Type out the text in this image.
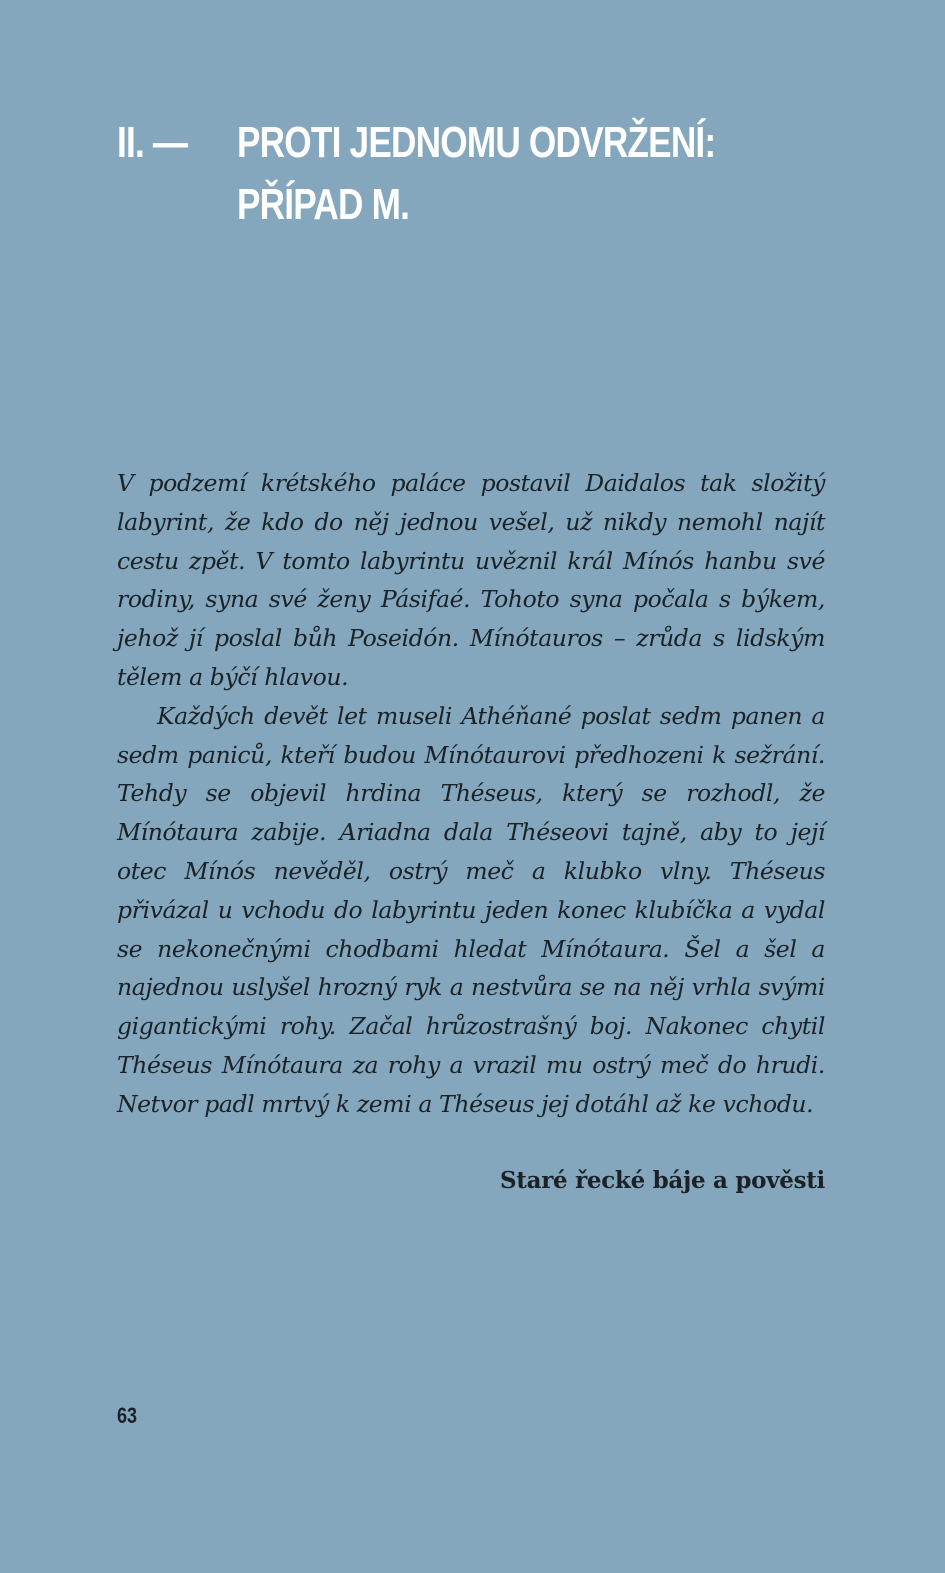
II. —	PROTI JEDNOMU ODVRŽENÍ:
PŘÍPAD M.

V podzemí krétského paláce postavil Daidalos tak složitý labyrint, že kdo do něj jednou vešel, už nikdy nemohl najít cestu zpět. V tomto labyrintu uvěznil král Mínós hanbu své rodiny, syna své ženy Pásifaé. Tohoto syna počala s býkem, jehož jí poslal bůh Poseidón. Mínótauros – zrůda s lidským tělem a býčí hlavou.

Každých devět let museli Athéňané poslat sedm panen a sedm paniců, kteří budou Mínótaurovi předhozeni k sežrání. Tehdy se objevil hrdina Théseus, který se rozhodl, že Mínótaura zabije. Ariadna dala Théseovi tajně, aby to její otec Mínós nevěděl, ostrý meč a klubko vlny. Théseus přivázal u vchodu do labyrintu jeden konec klubíčka a vydal se nekonečnými chodbami hledat Mínótaura. Šel a šel a najednou uslyšel hrozný ryk a nestvůra se na něj vrhla svými gigantickými rohy. Začal hrůzostrašný boj. Nakonec chytil Théseus Mínótaura za rohy a vrazil mu ostrý meč do hrudi. Netvor padl mrtvý k zemi a Théseus jej dotáhl až ke vchodu.

Staré řecké báje a pověsti
63
